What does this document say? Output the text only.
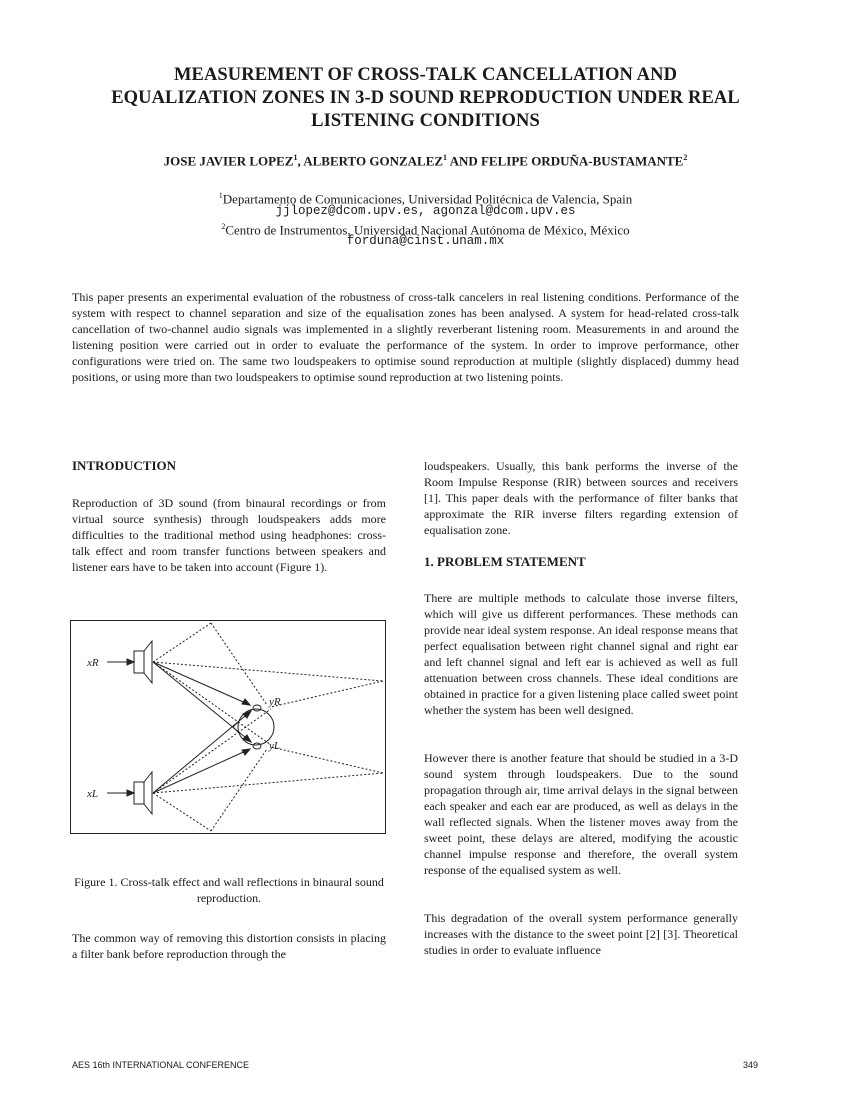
MEASUREMENT OF CROSS-TALK CANCELLATION AND
EQUALIZATION ZONES IN 3-D SOUND REPRODUCTION UNDER REAL
LISTENING CONDITIONS
JOSE JAVIER LOPEZ$^1$, ALBERTO GONZALEZ$^1$ AND FELIPE ORDUÑA-BUSTAMANTE$^2$
$^1$Departamento de Comunicaciones, Universidad Politécnica de Valencia, Spain
jjlopez@dcom.upv.es, agonzal@dcom.upv.es
$^2$Centro de Instrumentos, Universidad Nacional Autónoma de México, México
forduna@cinst.unam.mx
This paper presents an experimental evaluation of the robustness of cross-talk cancelers in real listening conditions. Performance of the system with respect to channel separation and size of the equalisation zones has been analysed. A system for head-related cross-talk cancellation of two-channel audio signals was implemented in a slightly reverberant listening room. Measurements in and around the listening position were carried out in order to evaluate the performance of the system. In order to improve performance, other configurations were tried on. The same two loudspeakers to optimise sound reproduction at multiple (slightly displaced) dummy head positions, or using more than two loudspeakers to optimise sound reproduction at two listening points.
INTRODUCTION
Reproduction of 3D sound (from binaural recordings or from virtual source synthesis) through loudspeakers adds more difficulties to the traditional method using headphones: cross-talk effect and room transfer functions between speakers and listener ears have to be taken into account (Figure 1).
xR
xL
yR
yL
Figure 1. Cross-talk effect and wall reflections in binaural sound reproduction.
The common way of removing this distortion consists in placing a filter bank before reproduction through the
loudspeakers. Usually, this bank performs the inverse of the Room Impulse Response (RIR) between sources and receivers [1]. This paper deals with the performance of filter banks that approximate the RIR inverse filters regarding extension of equalisation zone.
1. PROBLEM STATEMENT
There are multiple methods to calculate those inverse filters, which will give us different performances. These methods can provide near ideal system response. An ideal response means that perfect equalisation between right channel signal and right ear and left channel signal and left ear is achieved as well as full attenuation between cross channels. These ideal conditions are obtained in practice for a given listening place called sweet point whether the system has been well designed.
However there is another feature that should be studied in a 3-D sound system through loudspeakers. Due to the sound propagation through air, time arrival delays in the signal between each speaker and each ear are produced, as well as delays in the wall reflected signals. When the listener moves away from the sweet point, these delays are altered, modifying the acoustic channel impulse response and therefore, the overall system response of the equalised system as well.
This degradation of the overall system performance generally increases with the distance to the sweet point [2] [3]. Theoretical studies in order to evaluate influence
AES 16th INTERNATIONAL CONFERENCE	349
